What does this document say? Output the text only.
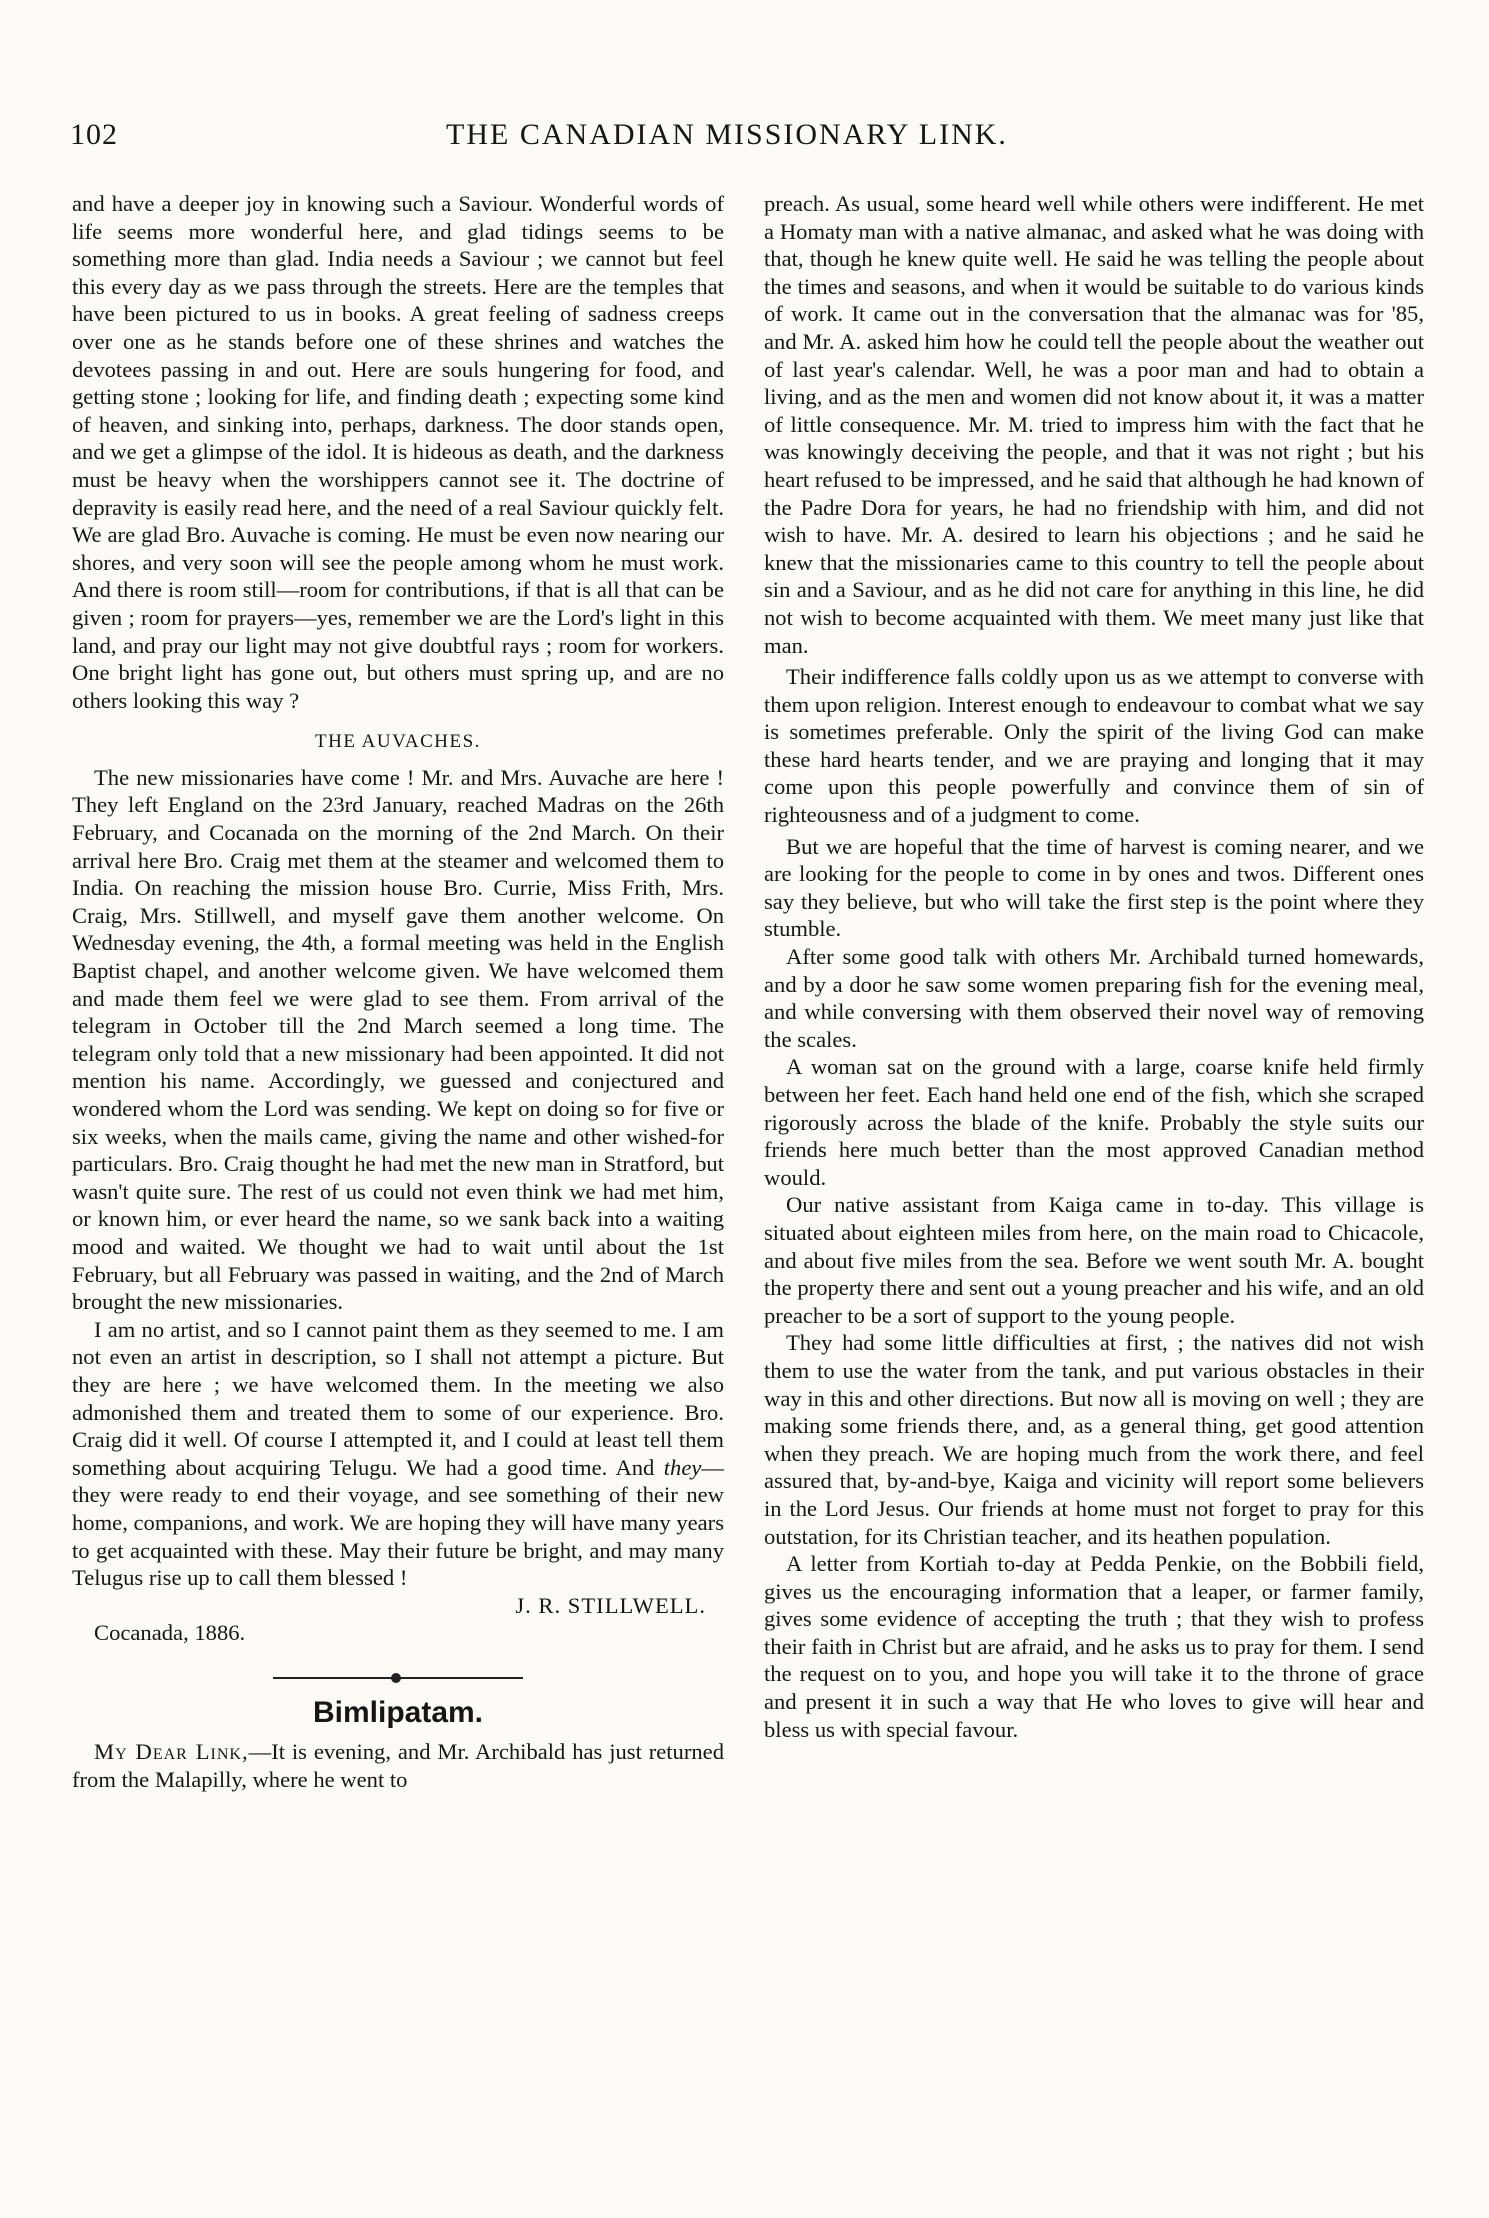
102	THE CANADIAN MISSIONARY LINK.

and have a deeper joy in knowing such a Saviour. Wonderful words of life seems more wonderful here, and glad tidings seems to be something more than glad. India needs a Saviour ; we cannot but feel this every day as we pass through the streets. Here are the temples that have been pictured to us in books. A great feeling of sadness creeps over one as he stands before one of these shrines and watches the devotees passing in and out. Here are souls hungering for food, and getting stone ; looking for life, and finding death ; expecting some kind of heaven, and sinking into, perhaps, darkness. The door stands open, and we get a glimpse of the idol. It is hideous as death, and the darkness must be heavy when the worshippers cannot see it. The doctrine of depravity is easily read here, and the need of a real Saviour quickly felt. We are glad Bro. Auvache is coming. He must be even now nearing our shores, and very soon will see the people among whom he must work. And there is room still—room for contributions, if that is all that can be given ; room for prayers—yes, remember we are the Lord's light in this land, and pray our light may not give doubtful rays ; room for workers. One bright light has gone out, but others must spring up, and are no others looking this way ?

THE AUVACHES.

The new missionaries have come ! Mr. and Mrs. Auvache are here ! They left England on the 23rd January, reached Madras on the 26th February, and Cocanada on the morning of the 2nd March. On their arrival here Bro. Craig met them at the steamer and welcomed them to India. On reaching the mission house Bro. Currie, Miss Frith, Mrs. Craig, Mrs. Stillwell, and myself gave them another welcome. On Wednesday evening, the 4th, a formal meeting was held in the English Baptist chapel, and another welcome given. We have welcomed them and made them feel we were glad to see them. From arrival of the telegram in October till the 2nd March seemed a long time. The telegram only told that a new missionary had been appointed. It did not mention his name. Accordingly, we guessed and conjectured and wondered whom the Lord was sending. We kept on doing so for five or six weeks, when the mails came, giving the name and other wished-for particulars. Bro. Craig thought he had met the new man in Stratford, but wasn't quite sure. The rest of us could not even think we had met him, or known him, or ever heard the name, so we sank back into a waiting mood and waited. We thought we had to wait until about the 1st February, but all February was passed in waiting, and the 2nd of March brought the new missionaries.

I am no artist, and so I cannot paint them as they seemed to me. I am not even an artist in description, so I shall not attempt a picture. But they are here ; we have welcomed them. In the meeting we also admonished them and treated them to some of our experience. Bro. Craig did it well. Of course I attempted it, and I could at least tell them something about acquiring Telugu. We had a good time. And they—they were ready to end their voyage, and see something of their new home, companions, and work. We are hoping they will have many years to get acquainted with these. May their future be bright, and may many Telugus rise up to call them blessed !

J. R. STILLWELL.

Cocanada, 1886.

Bimlipatam.

My Dear Link,—It is evening, and Mr. Archibald has just returned from the Malapilly, where he went to

preach. As usual, some heard well while others were indifferent. He met a Homaty man with a native almanac, and asked what he was doing with that, though he knew quite well. He said he was telling the people about the times and seasons, and when it would be suitable to do various kinds of work. It came out in the conversation that the almanac was for '85, and Mr. A. asked him how he could tell the people about the weather out of last year's calendar. Well, he was a poor man and had to obtain a living, and as the men and women did not know about it, it was a matter of little consequence. Mr. M. tried to impress him with the fact that he was knowingly deceiving the people, and that it was not right ; but his heart refused to be impressed, and he said that although he had known of the Padre Dora for years, he had no friendship with him, and did not wish to have. Mr. A. desired to learn his objections ; and he said he knew that the missionaries came to this country to tell the people about sin and a Saviour, and as he did not care for anything in this line, he did not wish to become acquainted with them. We meet many just like that man.

Their indifference falls coldly upon us as we attempt to converse with them upon religion. Interest enough to endeavour to combat what we say is sometimes preferable. Only the spirit of the living God can make these hard hearts tender, and we are praying and longing that it may come upon this people powerfully and convince them of sin of righteousness and of a judgment to come.

But we are hopeful that the time of harvest is coming nearer, and we are looking for the people to come in by ones and twos. Different ones say they believe, but who will take the first step is the point where they stumble.

After some good talk with others Mr. Archibald turned homewards, and by a door he saw some women preparing fish for the evening meal, and while conversing with them observed their novel way of removing the scales.

A woman sat on the ground with a large, coarse knife held firmly between her feet. Each hand held one end of the fish, which she scraped rigorously across the blade of the knife. Probably the style suits our friends here much better than the most approved Canadian method would.

Our native assistant from Kaiga came in to-day. This village is situated about eighteen miles from here, on the main road to Chicacole, and about five miles from the sea. Before we went south Mr. A. bought the property there and sent out a young preacher and his wife, and an old preacher to be a sort of support to the young people.

They had some little difficulties at first, ; the natives did not wish them to use the water from the tank, and put various obstacles in their way in this and other directions. But now all is moving on well ; they are making some friends there, and, as a general thing, get good attention when they preach. We are hoping much from the work there, and feel assured that, by-and-bye, Kaiga and vicinity will report some believers in the Lord Jesus. Our friends at home must not forget to pray for this outstation, for its Christian teacher, and its heathen population.

A letter from Kortiah to-day at Pedda Penkie, on the Bobbili field, gives us the encouraging information that a leaper, or farmer family, gives some evidence of accepting the truth ; that they wish to profess their faith in Christ but are afraid, and he asks us to pray for them. I send the request on to you, and hope you will take it to the throne of grace and present it in such a way that He who loves to give will hear and bless us with special favour.
